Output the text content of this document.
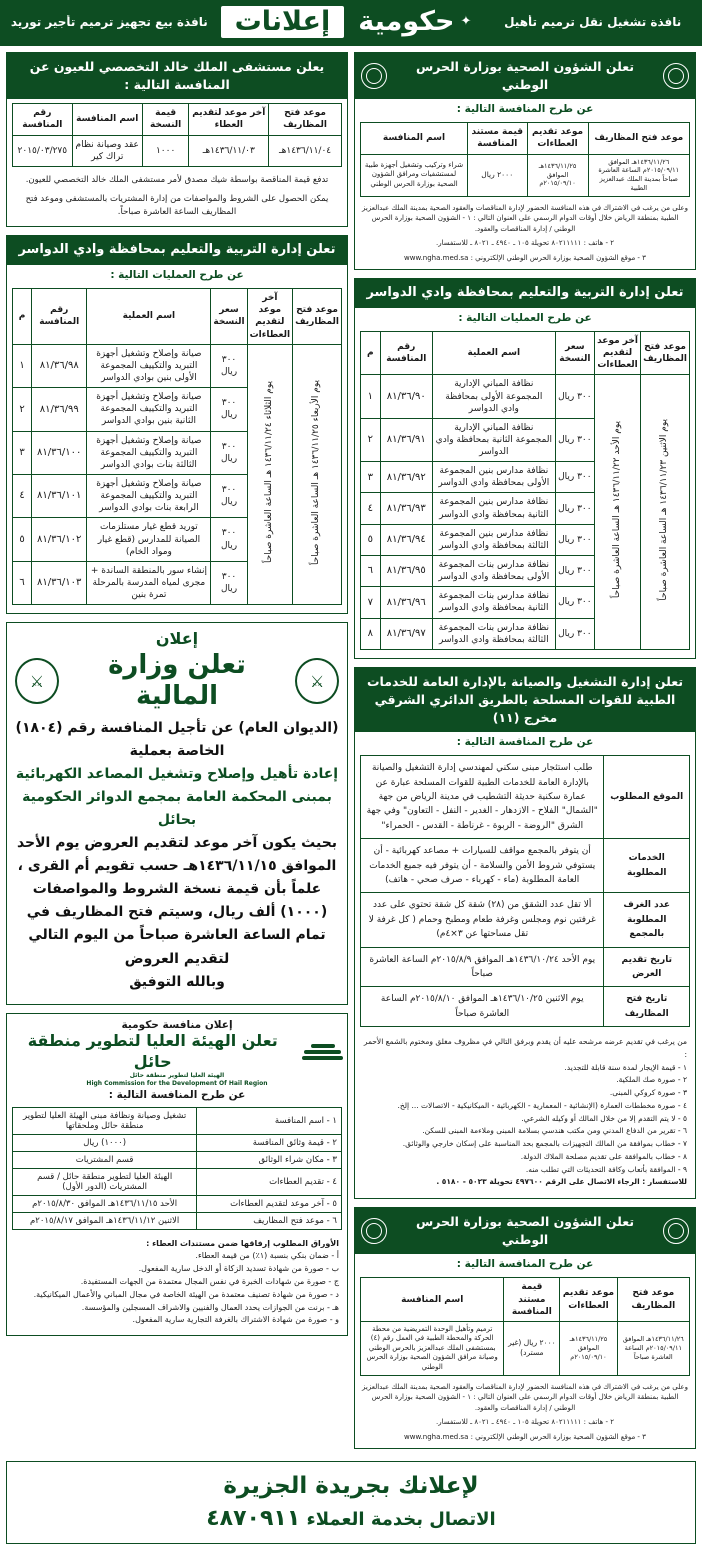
نافذة تشغيل نقل ترميم تأهيل
✦
حكومية
إعلانات
نافذة بيع تجهيز ترميم تأجير توريد
تعلن الشؤون الصحية بوزارة الحرس الوطني
عن طرح المنافسة التالية :
موعد فتح المظاريف	موعد تقديم العطاءات	قيمة مستند المنافسة	اسم المنافسة
١٤٣٦/١١/٢٦هـ الموافق ٢٠١٥/٠٩/١١م الساعة العاشرة صباحاً بمدينة الملك عبدالعزيز الطبية	١٤٣٦/١١/٢٥هـ الموافق ٢٠١٥/٠٩/١٠م	٢٠٠٠ ريال	شراء وتركيب وتشغيل أجهزة طبية لمستشفيات ومرافق الشؤون الصحية بوزارة الحرس الوطني
وعلى من يرغب في الاشتراك في هذه المنافسة الحضور لإدارة المناقصات والعقود الصحية بمدينة الملك عبدالعزيز الطبية بمنطقة الرياض خلال أوقات الدوام الرسمي على العنوان التالي : ١ - الشؤون الصحية بوزارة الحرس الوطني / إدارة المناقصات والعقود.
٢ - هاتف : ٨٠٢١١١١١ تحويلة ١٠٥ ـ ٤٩٤٠ ـ ٨٠٢١ ـ للاستفسار.
٣ - موقع الشؤون الصحية بوزارة الحرس الوطني الإلكتروني : www.ngha.med.sa
تعلن إدارة التربية والتعليم بمحافظة وادي الدواسر
عن طرح العمليات التالية :
موعد فتح المظاريف	آخر موعد لتقديم العطاءات	سعر النسخة	اسم العملية	رقم المنافسة	م
يوم الاثنين ١٤٣٦/١١/٢٣ هـ الساعة العاشرة صباحاً	يوم الأحد ١٤٣٦/١١/٢٢ هـ الساعة العاشرة صباحاً	٣٠٠ ريال	نظافة المباني الإدارية المجموعة الأولى بمحافظة وادي الدواسر	٨١/٣٦/٩٠	١
		٣٠٠ ريال	نظافة المباني الإدارية المجموعة الثانية بمحافظة وادي الدواسر	٨١/٣٦/٩١	٢
		٣٠٠ ريال	نظافة مدارس بنين المجموعة الأولى بمحافظة وادي الدواسر	٨١/٣٦/٩٢	٣
		٣٠٠ ريال	نظافة مدارس بنين المجموعة الثانية بمحافظة وادي الدواسر	٨١/٣٦/٩٣	٤
		٣٠٠ ريال	نظافة مدارس بنين المجموعة الثالثة بمحافظة وادي الدواسر	٨١/٣٦/٩٤	٥
		٣٠٠ ريال	نظافة مدارس بنات المجموعة الأولى بمحافظة وادي الدواسر	٨١/٣٦/٩٥	٦
		٣٠٠ ريال	نظافة مدارس بنات المجموعة الثانية بمحافظة وادي الدواسر	٨١/٣٦/٩٦	٧
		٣٠٠ ريال	نظافة مدارس بنات المجموعة الثالثة بمحافظة وادي الدواسر	٨١/٣٦/٩٧	٨
تعلن إدارة التشغيل والصيانة بالإدارة العامة للخدمات الطبية للقوات المسلحة بالطريق الدائري الشرقي مخرج (١١)
عن طرح المنافسة التالية :
الموقع المطلوب	طلب استئجار مبنى سكني لمهندسي إدارة التشغيل والصيانة بالإدارة العامة للخدمات الطبية للقوات المسلحة عبارة عن عمارة سكنية حديثة التشطيب في مدينة الرياض من جهة "الشمال" الفلاح - الازدهار - الغدير - النفل - التعاون" وفي جهة الشرق "الروضة - الربوة - غرناطة - القدس - الحمراء"
الخدمات المطلوبة	أن يتوفر بالمجمع مواقف للسيارات + مصاعد كهربائية - أن يستوفي شروط الأمن والسلامة - أن يتوفر فيه جميع الخدمات العامة المطلوبة (ماء - كهرباء - صرف صحي - هاتف)
عدد الغرف المطلوبة بالمجمع	ألا تقل عدد الشقق من (٢٨) شقة كل شقة تحتوي على عدد غرفتين نوم ومجلس وغرفة طعام ومطبخ وحمام ( كل غرفة لا تقل مساحتها عن ٣×٤م)
تاريخ تقديم العرض	يوم الأحد ١٤٣٦/١٠/٢٤هـ الموافق ٢٠١٥/٨/٩م الساعة العاشرة صباحاً
تاريخ فتح المظاريف	يوم الاثنين ١٤٣٦/١٠/٢٥هـ الموافق ٢٠١٥/٨/١٠م الساعة العاشرة صباحاً
من يرغب في تقديم عرضه مرشحه عليه أن يقدم وبرفق التالي في مظروف مغلق ومختوم بالشمع الأحمر :
١ - قيمة الإيجار لمدة سنة قابلة للتجديد.
٢ - صورة صك الملكية.
٣ - صورة كروكي المبنى.
٤ - صورة مخططات العمارة (الإنشائية - المعمارية - الكهربائية - الميكانيكية - الاتصالات ... إلخ.
٥ - لا يتم التقدم إلا من خلال المالك أو وكيله الشرعي.
٦ - تقرير من الدفاع المدني ومن مكتب هندسي بسلامة المبنى وملاءمة المبنى للسكن.
٧ - خطاب بموافقة من المالك التجهيزات بالمجمع بحد المناسبة على إسكان خارجي والوثائق.
٨ - خطاب بالموافقة على تقديم مصلحة الملاك الدولة.
٩ - الموافقة بأتعاب وكافة التحديثات التي تطلب منه.
للاستفسار : الرجاء الاتصال على الرقم ٤٩٧٦٠٠ تحويلة ٥٠٢٣ - ٥١٨٠ .
تعلن الشؤون الصحية بوزارة الحرس الوطني
عن طرح المنافسة التالية :
موعد فتح المظاريف	موعد تقديم العطاءات	قيمة مستند المنافسة	اسم المنافسة
١٤٣٦/١١/٢٦هـ الموافق ٢٠١٥/٠٩/١١م الساعة العاشرة صباحاً	١٤٣٦/١١/٢٥هـ الموافق ٢٠١٥/٠٩/١٠م	٢٠٠٠ ريال (غير مسترد)	ترميم وتأهيل الوحدة التمريضية من محطة الحركة والمحطة الطبية في العمل رقم (٤) بمستشفى الملك عبدالعزيز بالحرس الوطني وصيانة مرافق الشؤون الصحية بوزارة الحرس الوطني
وعلى من يرغب في الاشتراك في هذه المنافسة الحضور لإدارة المناقصات والعقود الصحية بمدينة الملك عبدالعزيز الطبية بمنطقة الرياض خلال أوقات الدوام الرسمي على العنوان التالي : ١ - الشؤون الصحية بوزارة الحرس الوطني / إدارة المناقصات والعقود.
٢ - هاتف : ٨٠٢١١١١١ تحويلة ١٠٥ ـ ٤٩٤٠ ـ ٨٠٢١ ـ للاستفسار.
٣ - موقع الشؤون الصحية بوزارة الحرس الوطني الإلكتروني : www.ngha.med.sa
يعلن مستشفى الملك خالد التخصصي للعيون عن المنافسة التالية :
موعد فتح المظاريف	آخر موعد لتقديم العطاء	قيمة النسخة	اسم المنافسة	رقم المنافسة
١٤٣٦/١١/٠٤هـ	١٤٣٦/١١/٠٣هـ	١٠٠٠	عقد وصيانة نظام تراك كير	٢٠١٥/٠٣/٢٧٥
تدفع قيمة المناقصة بواسطة شيك مصدق لأمر مستشفى الملك خالد التخصصي للعيون.
يمكن الحصول على الشروط والمواصفات من إدارة المشتريات بالمستشفى وموعد فتح المظاريف الساعة العاشرة صباحاً.
تعلن إدارة التربية والتعليم بمحافظة وادي الدواسر
عن طرح العمليات التالية :
موعد فتح المظاريف	آخر موعد لتقديم العطاءات	سعر النسخة	اسم العملية	رقم المنافسة	م
يوم الأربعاء ١٤٣٦/١١/٢٥ هـ الساعة العاشرة صباحاً	يوم الثلاثاء ١٤٣٦/١١/٢٤ هـ الساعة العاشرة صباحاً	٣٠٠ ريال	صيانة وإصلاح وتشغيل أجهزة التبريد والتكييف المجموعة الأولى بنين بوادي الدواسر	٨١/٣٦/٩٨	١
		٣٠٠ ريال	صيانة وإصلاح وتشغيل أجهزة التبريد والتكييف المجموعة الثانية بنين بوادي الدواسر	٨١/٣٦/٩٩	٢
		٣٠٠ ريال	صيانة وإصلاح وتشغيل أجهزة التبريد والتكييف المجموعة الثالثة بنات بوادي الدواسر	٨١/٣٦/١٠٠	٣
		٣٠٠ ريال	صيانة وإصلاح وتشغيل أجهزة التبريد والتكييف المجموعة الرابعة بنات بوادي الدواسر	٨١/٣٦/١٠١	٤
		٣٠٠ ريال	توريد قطع غيار مستلزمات الصيانة للمدارس (قطع غيار ومواد الخام)	٨١/٣٦/١٠٢	٥
		٣٠٠ ريال	إنشاء سور بالمنطقة الساندة + مجرى لمياه المدرسة بالمرحلة تمرة بنين	٨١/٣٦/١٠٣	٦
إعلان
⚔
تعلن وزارة المالية
⚔
(الديوان العام) عن تأجيل المنافسة رقم (١٨٠٤)
الخاصة بعملية
إعادة تأهيل وإصلاح وتشغيل المصاعد الكهربائية بمبنى المحكمة العامة بمجمع الدوائر الحكومية بحائل
بحيث يكون آخر موعد لتقديم العروض يوم الأحد الموافق ١٤٣٦/١١/١٥هـ حسب تقويم أم القرى ، علماً بأن قيمة نسخة الشروط والمواصفات (١٠٠٠) ألف ريال، وسيتم فتح المظاريف في تمام الساعة العاشرة صباحاً من اليوم التالي لتقديم العروض
وبالله التوفيق
إعلان منافسة حكومية
تعلن الهيئة العليا لتطوير منطقة حائل
الهيئة العليا لتطوير منطقة حائل
High Commission for the Development Of Hail Region
عن طرح المنافسة التالية :
١ - اسم المنافسة	تشغيل وصيانة ونظافة مبنى الهيئة العليا لتطوير منطقة حائل وملحقاتها
٢ - قيمة وثائق المنافسة	(١٠٠٠) ريال
٣ - مكان شراء الوثائق	قسم المشتريات
٤ - تقديم العطاءات	الهيئة العليا لتطوير منطقة حائل / قسم المشتريات (الدور الأول)
٥ - آخر موعد لتقديم العطاءات	الأحد ١٤٣٦/١١/١٥هـ الموافق ٢٠١٥/٨/٣٠م
٦ - موعد فتح المظاريف	الاثنين ١٤٣٦/١١/١٢هـ الموافق ٢٠١٥/٨/١٧م
الأوراق المطلوب إرفاقها ضمن مستندات العطاء :
أ - ضمان بنكي بنسبة (١٪) من قيمة العطاء.
ب - صورة من شهادة تسديد الزكاة أو الدخل سارية المفعول.
ج - صورة من شهادات الخبرة في نفس المجال معتمدة من الجهات المستفيدة.
د - صورة من شهادة تصنيف معتمدة من الهيئة الخاصة في مجال المباني والأعمال الميكانيكية.
هـ - برنت من الجوازات يحدد العمال والفنيين والاشراف المسجلين والمؤسسة.
و - صورة من شهادة الاشتراك بالغرفة التجارية سارية المفعول.
لإعلانك بجريدة الجزيرة
الاتصال بخدمة العملاء ٤٨٧٠٩١١
